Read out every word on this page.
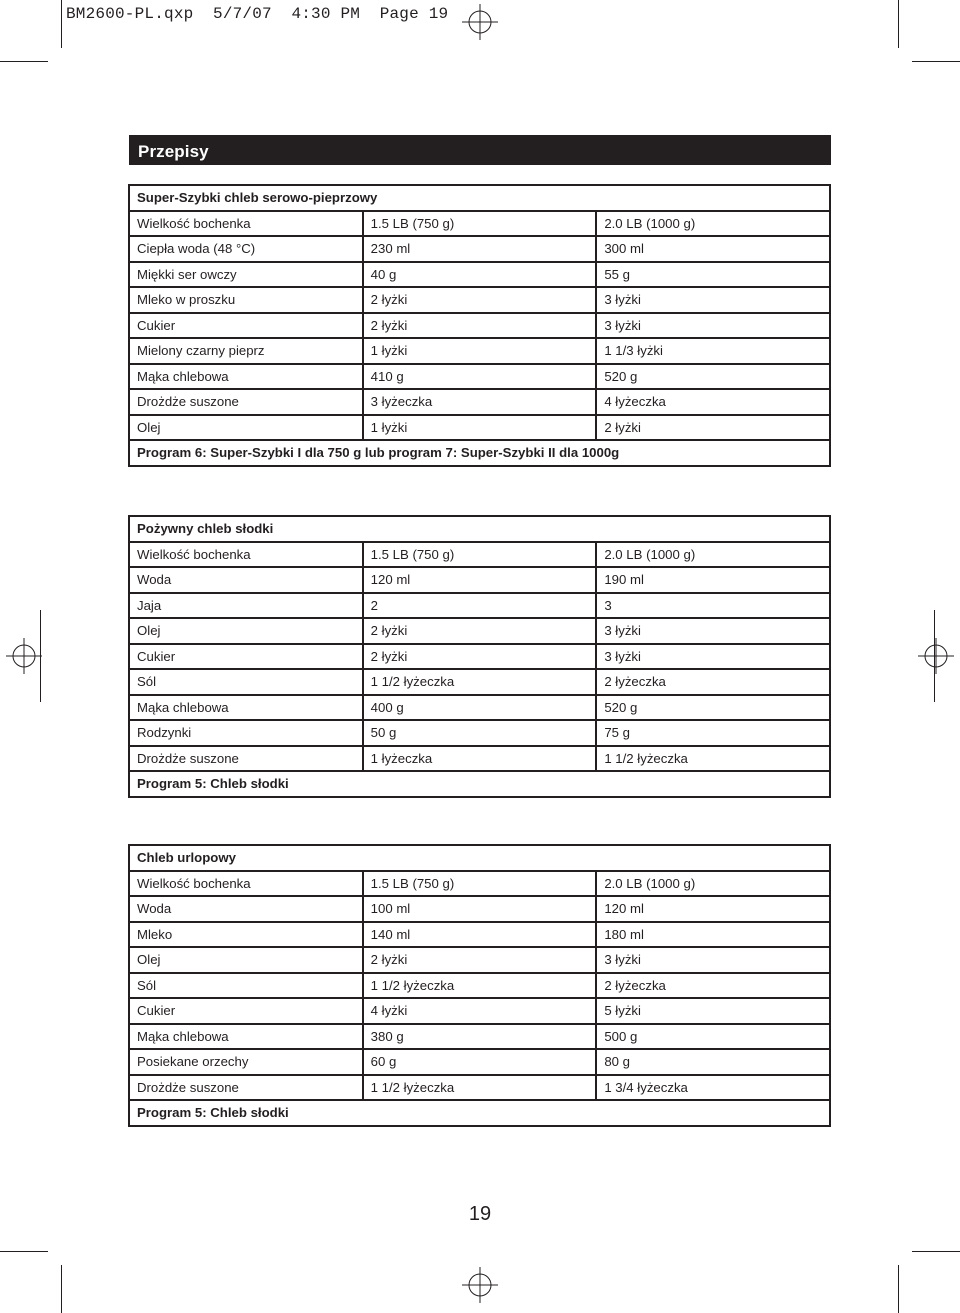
BM2600-PL.qxp 5/7/07 4:30 PM Page 19
Przepisy
Super-Szybki chleb serowo-pieprzowy		
Wielkość bochenka	1.5 LB (750 g)	2.0 LB (1000 g)
Ciepła woda (48 °C)	230 ml	300 ml
Miękki ser owczy	40 g	55 g
Mleko w proszku	2 łyżki	3 łyżki
Cukier	2 łyżki	3 łyżki
Mielony czarny pieprz	1 łyżki	1 1/3 łyżki
Mąka chlebowa	410 g	520 g
Drożdże suszone	3 łyżeczka	4 łyżeczka
Olej	1 łyżki	2 łyżki
Program 6: Super-Szybki I dla 750 g lub program 7: Super-Szybki II dla 1000g		
Pożywny chleb słodki		
Wielkość bochenka	1.5 LB (750 g)	2.0 LB (1000 g)
Woda	120 ml	190 ml
Jaja	2	3
Olej	2 łyżki	3 łyżki
Cukier	2 łyżki	3 łyżki
Sól	1 1/2 łyżeczka	2 łyżeczka
Mąka chlebowa	400 g	520 g
Rodzynki	50 g	75 g
Drożdże suszone	1 łyżeczka	1 1/2 łyżeczka
Program 5: Chleb słodki		
Chleb urlopowy		
Wielkość bochenka	1.5 LB (750 g)	2.0 LB (1000 g)
Woda	100 ml	120 ml
Mleko	140 ml	180 ml
Olej	2 łyżki	3 łyżki
Sól	1 1/2 łyżeczka	2 łyżeczka
Cukier	4 łyżki	5 łyżki
Mąka chlebowa	380 g	500 g
Posiekane orzechy	60 g	80 g
Drożdże suszone	1 1/2 łyżeczka	1 3/4 łyżeczka
Program 5: Chleb słodki		
19
